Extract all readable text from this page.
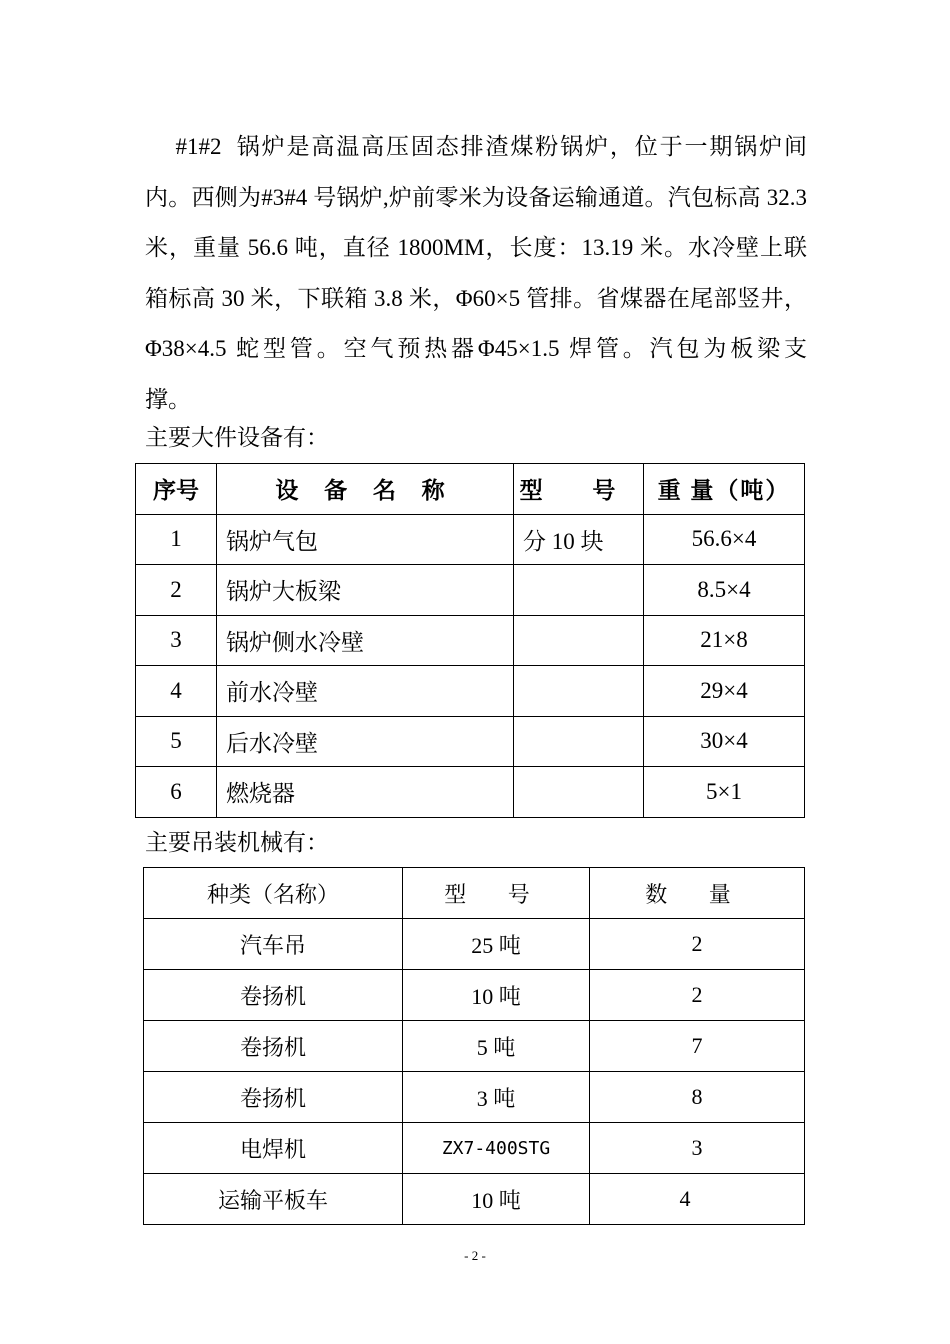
#1#2  锅炉是高温高压固态排渣煤粉锅炉，位于一期锅炉间
内。西侧为#3#4 号锅炉,炉前零米为设备运输通道。汽包标高 32.3
米，重量 56.6 吨，直径 1800MM，长度：13.19 米。水冷壁上联
箱标高 30 米，下联箱 3.8 米，Φ60×5 管排。省煤器在尾部竖井，
Φ38×4.5 蛇型管。空气预热器Φ45×1.5 焊管。汽包为板梁支
撑。
主要大件设备有：
序号	设 备 名 称	型 号	重 量（吨）
1	锅炉气包	分 10 块	56.6×4
2	锅炉大板梁		8.5×4
3	锅炉侧水冷壁		21×8
4	前水冷壁		29×4
5	后水冷壁		30×4
6	燃烧器		5×1
主要吊装机械有：
种类（名称）	型 号	数 量
汽车吊	25 吨	2
卷扬机	10 吨	2
卷扬机	5 吨	7
卷扬机	3 吨	8
电焊机	ZX7-400STG	3
运输平板车	10 吨	4
- 2 -
